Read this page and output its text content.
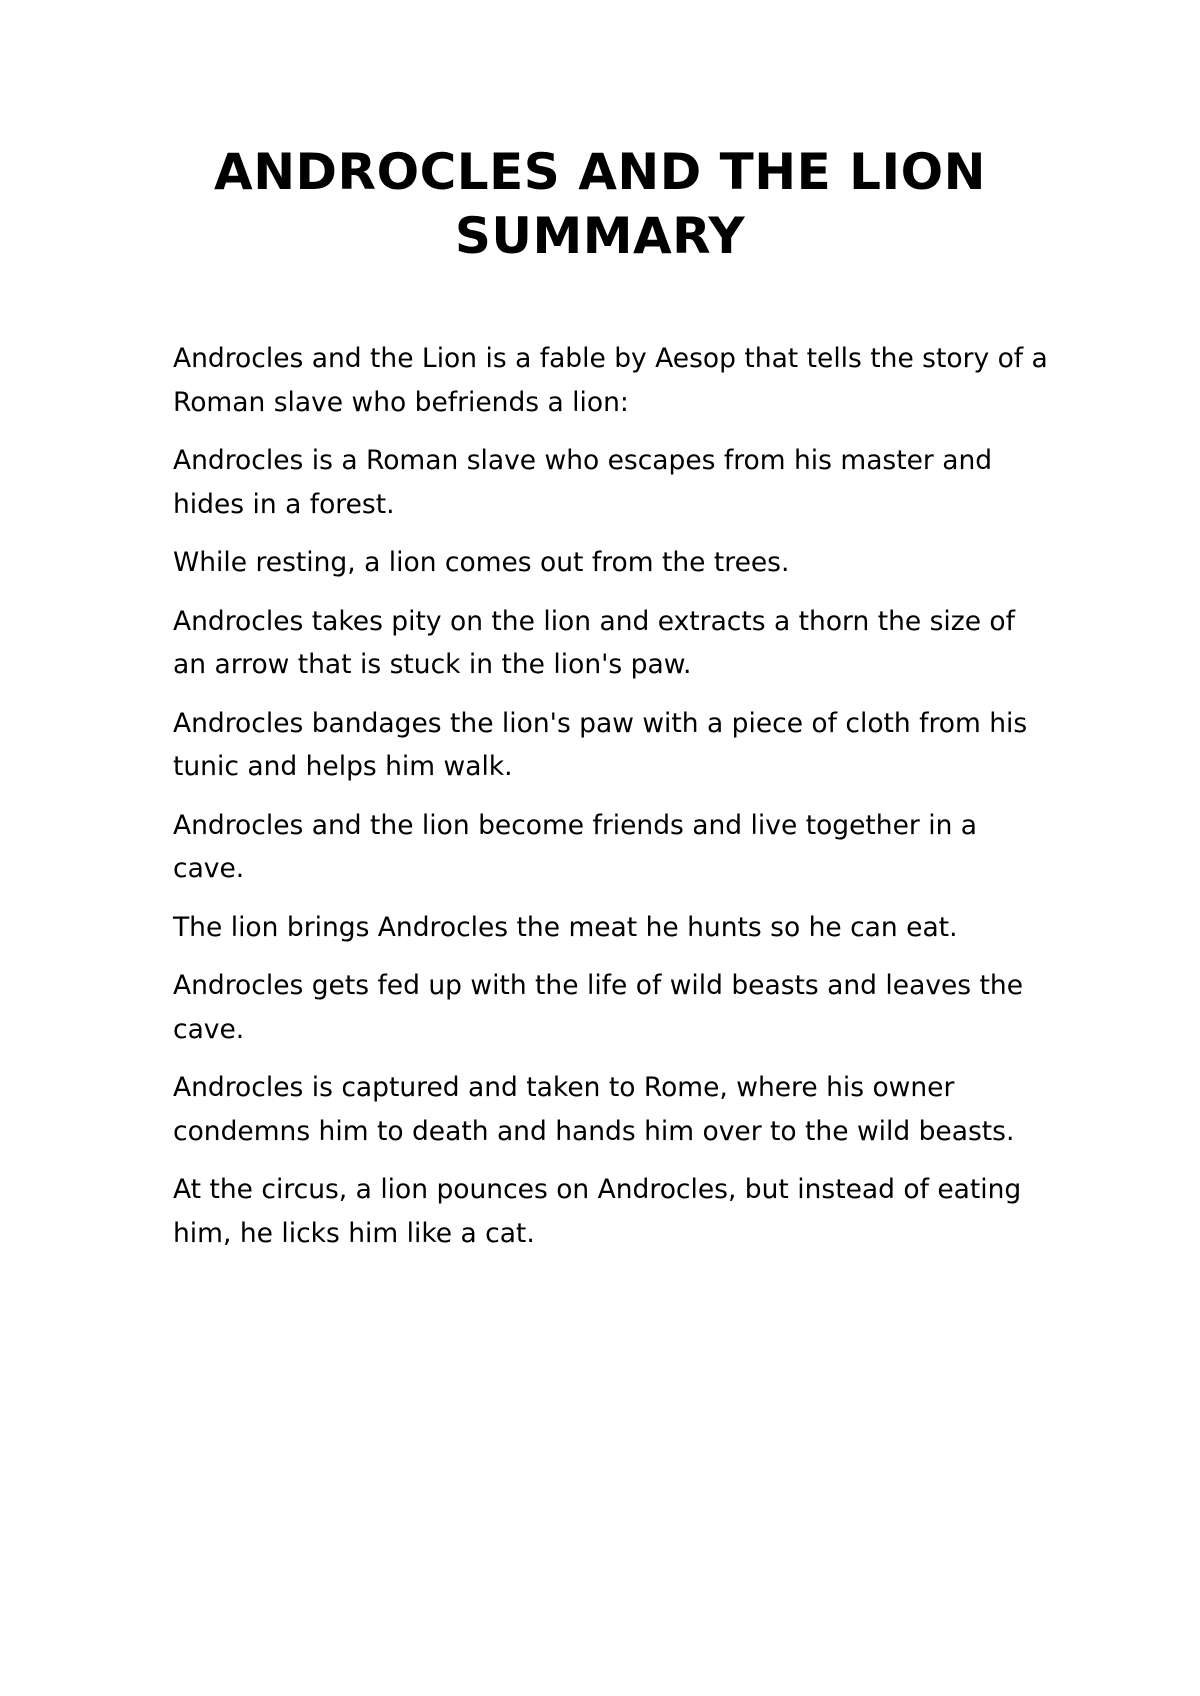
ANDROCLES AND THE LION SUMMARY

Androcles and the Lion is a fable by Aesop that tells the story of a Roman slave who befriends a lion:

Androcles is a Roman slave who escapes from his master and hides in a forest.

While resting, a lion comes out from the trees.

Androcles takes pity on the lion and extracts a thorn the size of an arrow that is stuck in the lion's paw.

Androcles bandages the lion's paw with a piece of cloth from his tunic and helps him walk.

Androcles and the lion become friends and live together in a cave.

The lion brings Androcles the meat he hunts so he can eat.

Androcles gets fed up with the life of wild beasts and leaves the cave.

Androcles is captured and taken to Rome, where his owner condemns him to death and hands him over to the wild beasts.

At the circus, a lion pounces on Androcles, but instead of eating him, he licks him like a cat.
